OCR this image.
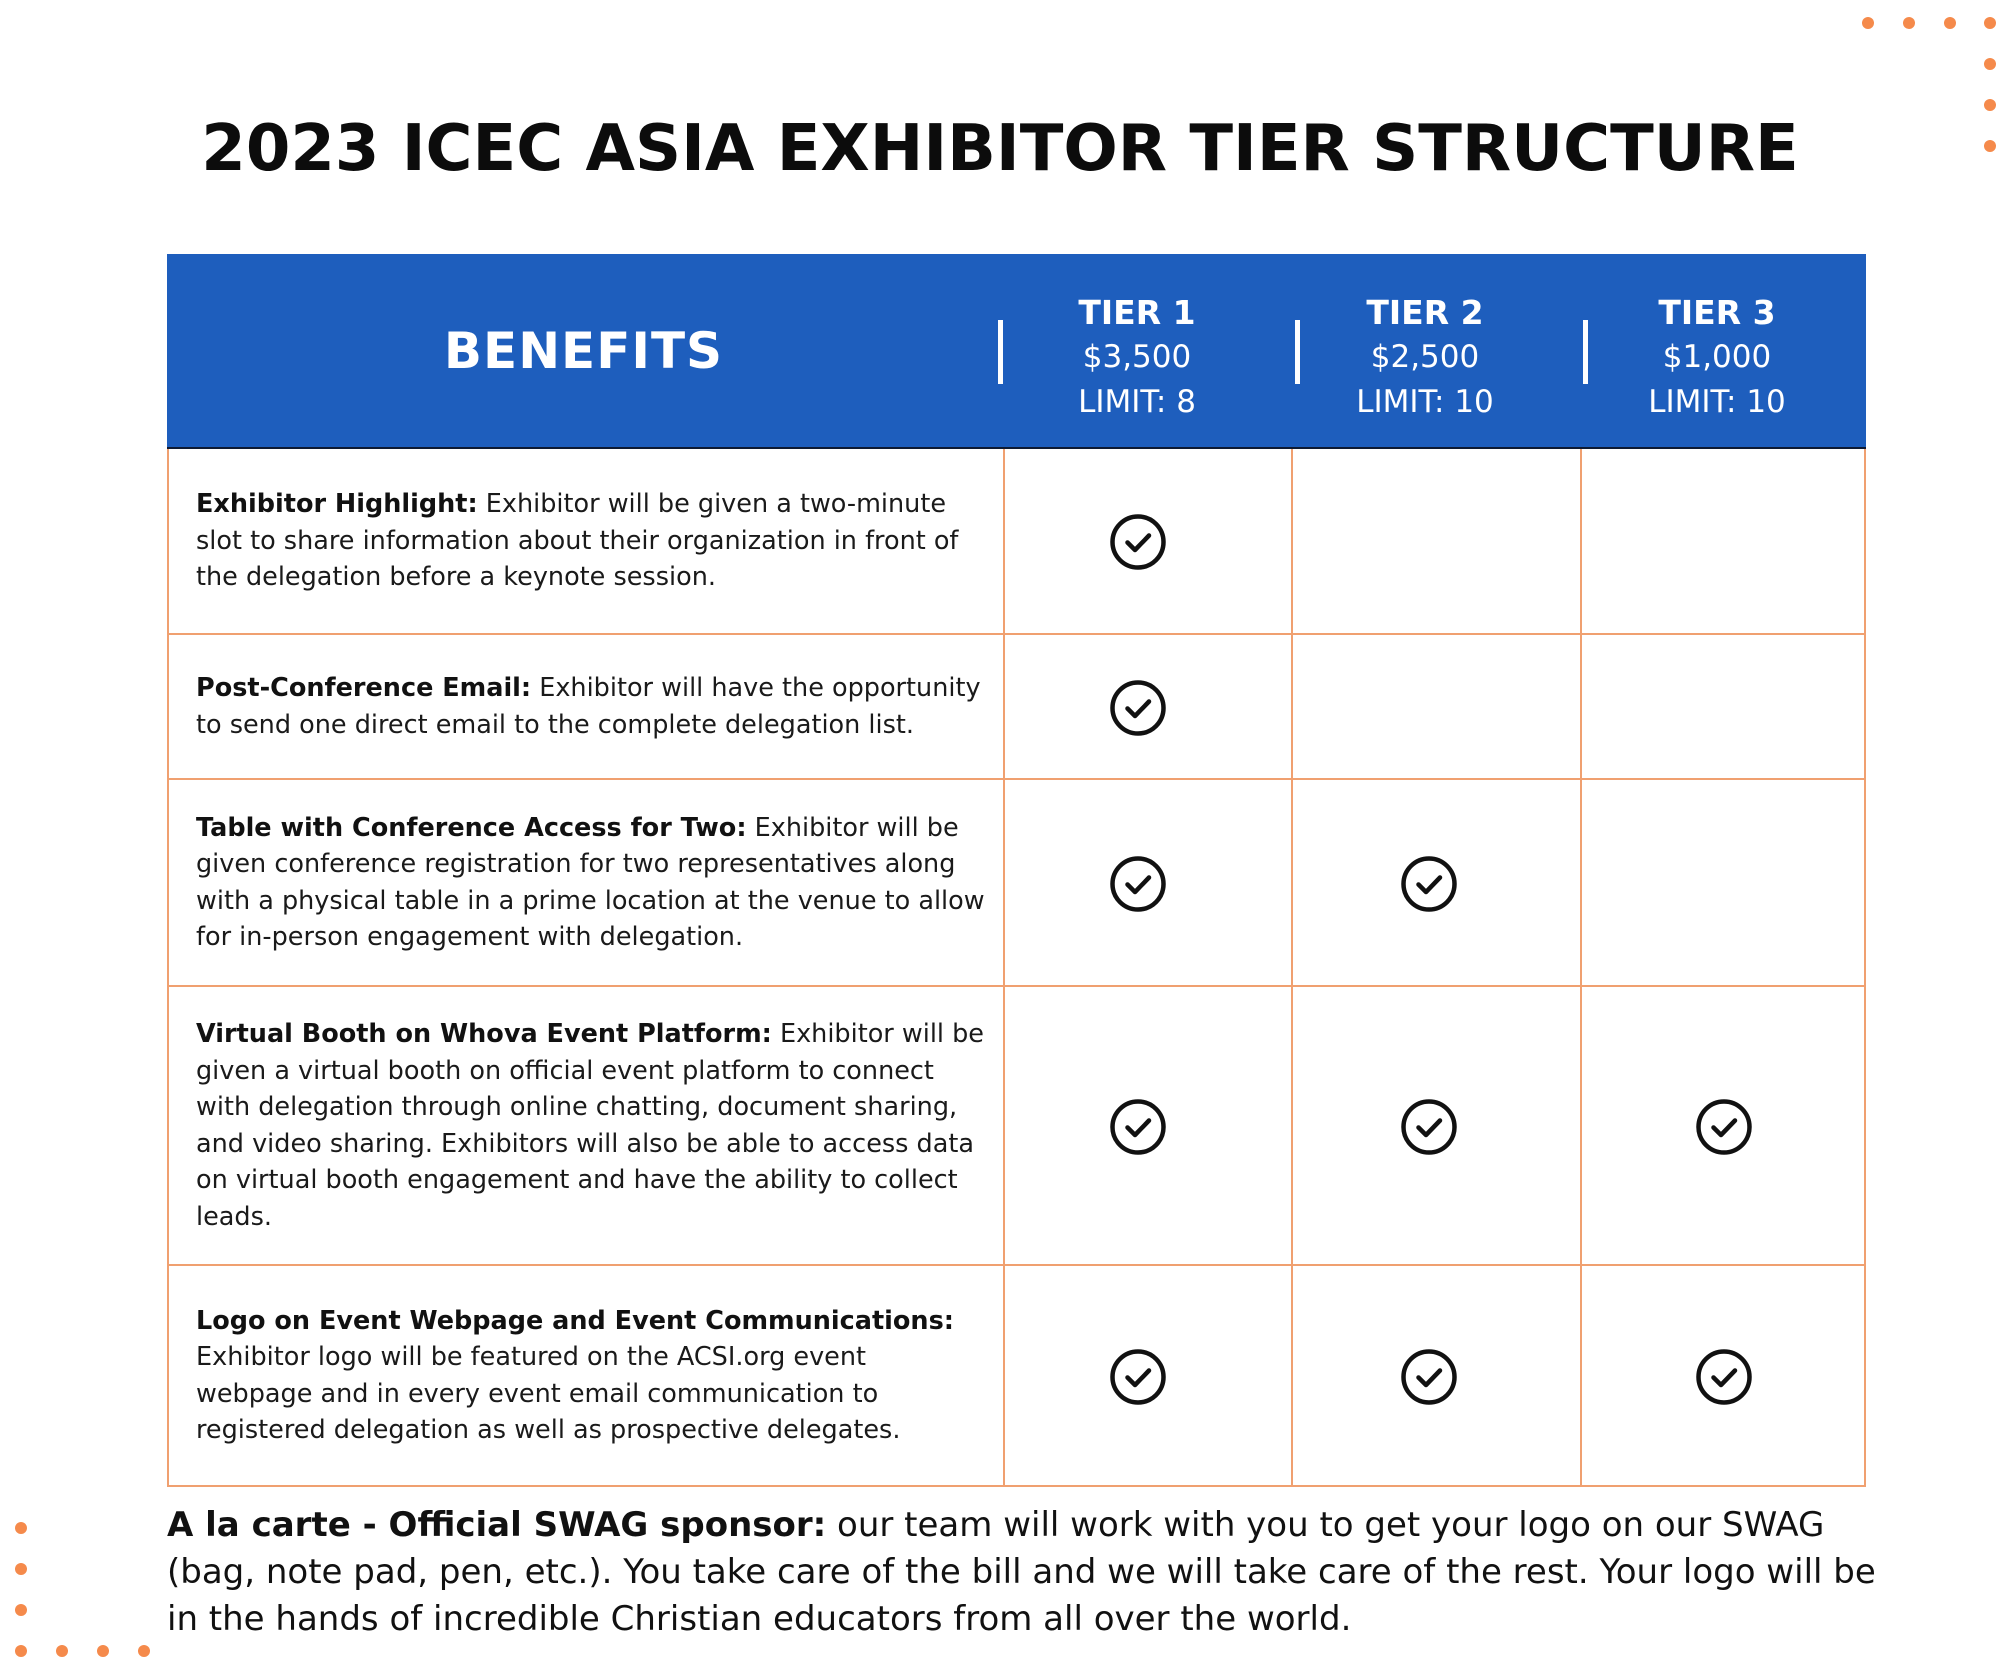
2023 ICEC ASIA EXHIBITOR TIER STRUCTURE
BENEFITS
TIER 1
$3,500
LIMIT: 8
TIER 2
$2,500
LIMIT: 10
TIER 3
$1,000
LIMIT: 10

Exhibitor Highlight: Exhibitor will be given a two-minute slot to share information about their organization in front of the delegation before a keynote session.

Post-Conference Email: Exhibitor will have the opportunity to send one direct email to the complete delegation list.

Table with Conference Access for Two: Exhibitor will be given conference registration for two representatives along with a physical table in a prime location at the venue to allow for in-person engagement with delegation.

Virtual Booth on Whova Event Platform: Exhibitor will be given a virtual booth on official event platform to connect with delegation through online chatting, document sharing, and video sharing. Exhibitors will also be able to access data on virtual booth engagement and have the ability to collect leads.

Logo on Event Webpage and Event Communications: Exhibitor logo will be featured on the ACSI.org event webpage and in every event email communication to registered delegation as well as prospective delegates.

A la carte - Official SWAG sponsor: our team will work with you to get your logo on our SWAG (bag, note pad, pen, etc.). You take care of the bill and we will take care of the rest. Your logo will be in the hands of incredible Christian educators from all over the world.
